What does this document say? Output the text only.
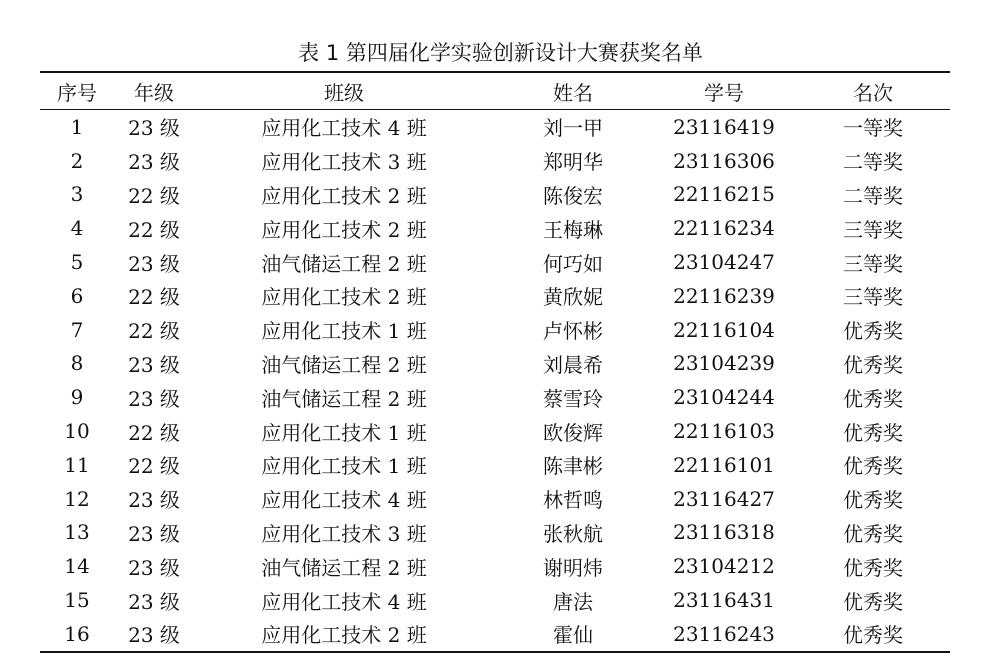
表 1 第四届化学实验创新设计大赛获奖名单
序号	年级	班级	姓名	学号	名次
1	23 级	应用化工技术 4 班	刘一甲	23116419	一等奖
2	23 级	应用化工技术 3 班	郑明华	23116306	二等奖
3	22 级	应用化工技术 2 班	陈俊宏	22116215	二等奖
4	22 级	应用化工技术 2 班	王梅琳	22116234	三等奖
5	23 级	油气储运工程 2 班	何巧如	23104247	三等奖
6	22 级	应用化工技术 2 班	黄欣妮	22116239	三等奖
7	22 级	应用化工技术 1 班	卢怀彬	22116104	优秀奖
8	23 级	油气储运工程 2 班	刘晨希	23104239	优秀奖
9	23 级	油气储运工程 2 班	蔡雪玲	23104244	优秀奖
10	22 级	应用化工技术 1 班	欧俊辉	22116103	优秀奖
11	22 级	应用化工技术 1 班	陈聿彬	22116101	优秀奖
12	23 级	应用化工技术 4 班	林哲鸣	23116427	优秀奖
13	23 级	应用化工技术 3 班	张秋航	23116318	优秀奖
14	23 级	油气储运工程 2 班	谢明炜	23104212	优秀奖
15	23 级	应用化工技术 4 班	唐法	23116431	优秀奖
16	23 级	应用化工技术 2 班	霍仙	23116243	优秀奖
